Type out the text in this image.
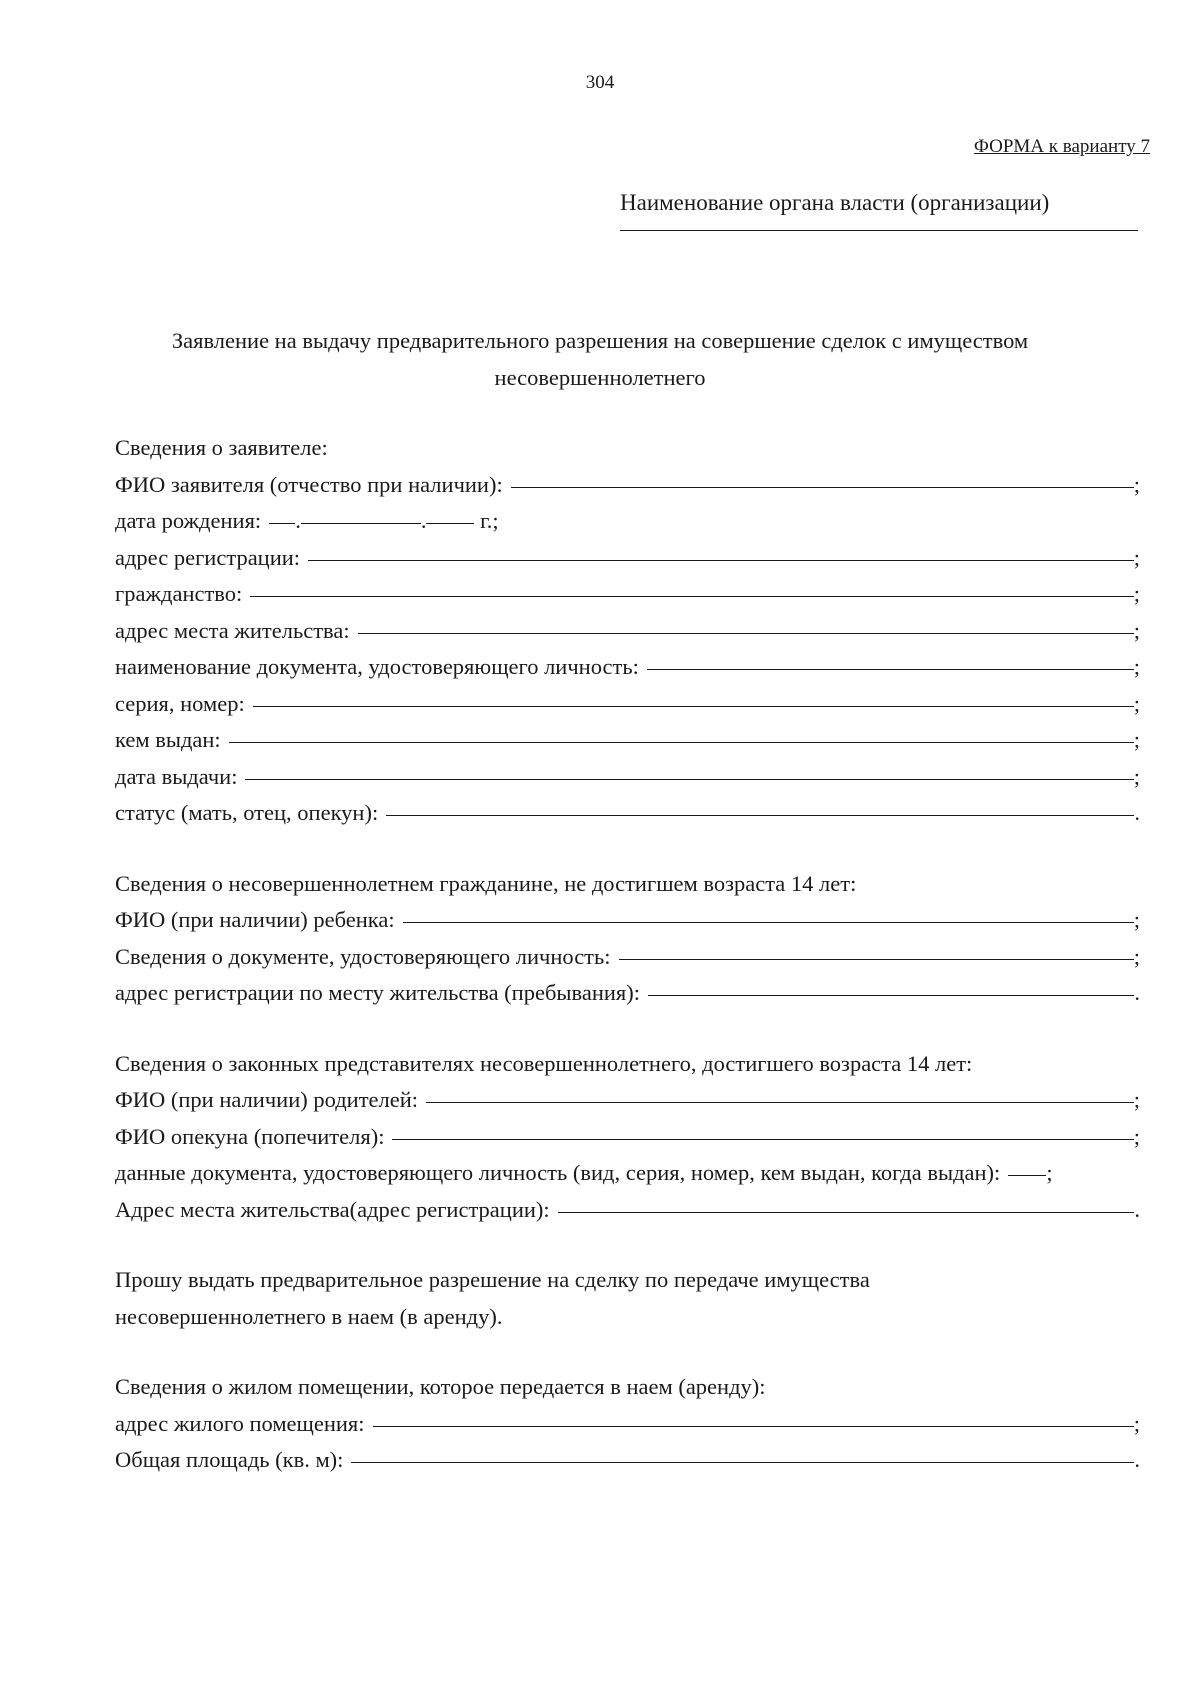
304
ФОРМА к варианту 7
Наименование органа власти (организации)
Заявление на выдачу предварительного разрешения на совершение сделок с имуществом
несовершеннолетнего
Сведения о заявителе:
ФИО заявителя (отчество при наличии):	;
дата рождения: .	. г.;
адрес регистрации:	;
гражданство:	;
адрес места жительства:	;
наименование документа, удостоверяющего личность:	;
серия, номер:	;
кем выдан:	;
дата выдачи:	;
статус (мать, отец, опекун):	.
Сведения о несовершеннолетнем гражданине, не достигшем возраста 14 лет:
ФИО (при наличии) ребенка:	;
Сведения о документе, удостоверяющего личность:	;
адрес регистрации по месту жительства (пребывания):	.
Сведения о законных представителях несовершеннолетнего, достигшего возраста 14 лет:
ФИО (при наличии) родителей:	;
ФИО опекуна (попечителя):	;
данные документа, удостоверяющего личность (вид, серия, номер, кем выдан, когда выдан): ;
Адрес места жительства(адрес регистрации):	.
Прошу выдать предварительное разрешение на сделку по передаче имущества
несовершеннолетнего в наем (в аренду).
Сведения о жилом помещении, которое передается в наем (аренду):
адрес жилого помещения:	;
Общая площадь (кв. м):	.
